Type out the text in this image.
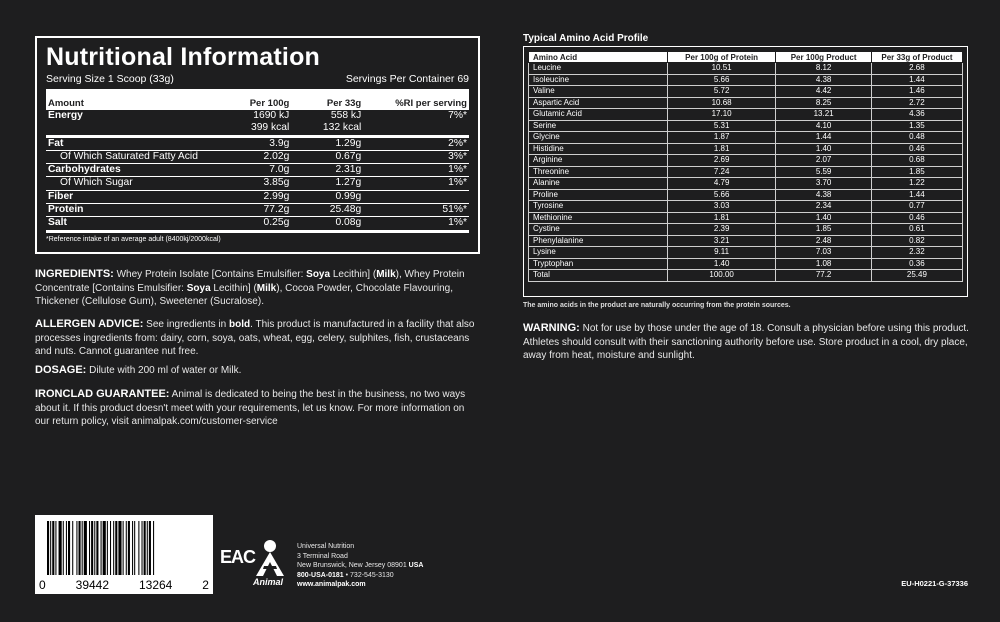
Nutritional Information
Serving Size 1 Scoop (33g)	Servings Per Container 69
Amount	Per 100g	Per 33g	%RI per serving
Energy	1690 kJ	558 kJ	7%*
	399 kcal	132 kcal	
Fat	3.9g	1.29g	2%*
Of Which Saturated Fatty Acid	2.02g	0.67g	3%*
Carbohydrates	7.0g	2.31g	1%*
Of Which Sugar	3.85g	1.27g	1%*
Fiber	2.99g	0.99g	
Protein	77.2g	25.48g	51%*
Salt	0.25g	0.08g	1%*
*Reference intake of an average adult (8400kj/2000kcal)
INGREDIENTS: Whey Protein Isolate [Contains Emulsifier: Soya Lecithin] (Milk), Whey Protein Concentrate [Contains Emulsifier: Soya Lecithin] (Milk), Cocoa Powder, Chocolate Flavouring, Thickener (Cellulose Gum), Sweetener (Sucralose).
ALLERGEN ADVICE: See ingredients in bold. This product is manufactured in a facility that also processes ingredients from: dairy, corn, soya, oats, wheat, egg, celery, sulphites, fish, crustaceans and nuts. Cannot guarantee nut free.
DOSAGE: Dilute with 200 ml of water or Milk.
IRONCLAD GUARANTEE: Animal is dedicated to being the best in the business, no two ways about it. If this product doesn't meet with your requirements, let us know. For more information on our return policy, visit animalpak.com/customer-service
Typical Amino Acid Profile
Amino Acid	Per 100g of Protein	Per 100g Product	Per 33g of Product
Leucine	10.51	8.12	2.68
Isoleucine	5.66	4.38	1.44
Valine	5.72	4.42	1.46
Aspartic Acid	10.68	8.25	2.72
Glutamic Acid	17.10	13.21	4.36
Serine	5.31	4.10	1.35
Glycine	1.87	1.44	0.48
Histidine	1.81	1.40	0.46
Arginine	2.69	2.07	0.68
Threonine	7.24	5.59	1.85
Alanine	4.79	3.70	1.22
Proline	5.66	4.38	1.44
Tyrosine	3.03	2.34	0.77
Methionine	1.81	1.40	0.46
Cystine	2.39	1.85	0.61
Phenylalanine	3.21	2.48	0.82
Lysine	9.11	7.03	2.32
Tryptophan	1.40	1.08	0.36
Total	100.00	77.2	25.49
The amino acids in the product are naturally occurring from the protein sources.
WARNING: Not for use by those under the age of 18. Consult a physician before using this product. Athletes should consult with their sanctioning authority before use. Store product in a cool, dry place, away from heat, moisture and sunlight.
0 39442 13264 2
EAC
Animal
Universal Nutrition
3 Terminal Road
New Brunswick, New Jersey 08901 USA
800-USA-0181 • 732-545-3130
www.animalpak.com	EU-H0221-G-37336
